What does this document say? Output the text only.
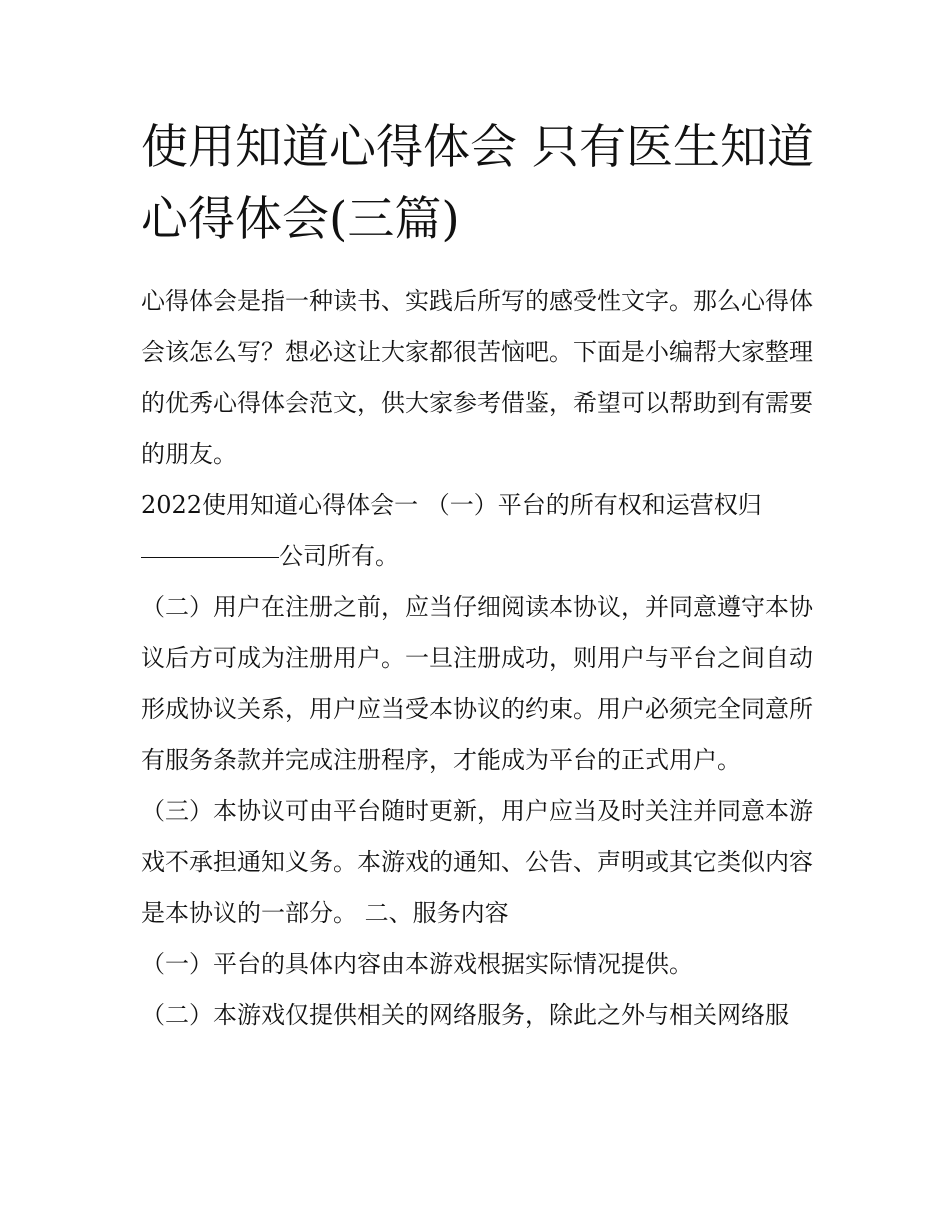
使用知道心得体会 只有医生知道心得体会(三篇)

心得体会是指一种读书、实践后所写的感受性文字。那么心得体会该怎么写？想必这让大家都很苦恼吧。下面是小编帮大家整理的优秀心得体会范文，供大家参考借鉴，希望可以帮助到有需要的朋友。

2022使用知道心得体会一 （一）平台的所有权和运营权归

公司所有。

（二）用户在注册之前，应当仔细阅读本协议，并同意遵守本协议后方可成为注册用户。一旦注册成功，则用户与平台之间自动形成协议关系，用户应当受本协议的约束。用户必须完全同意所有服务条款并完成注册程序，才能成为平台的正式用户。

（三）本协议可由平台随时更新，用户应当及时关注并同意本游戏不承担通知义务。本游戏的通知、公告、声明或其它类似内容是本协议的一部分。 二、服务内容

（一）平台的具体内容由本游戏根据实际情况提供。

（二）本游戏仅提供相关的网络服务，除此之外与相关网络服
